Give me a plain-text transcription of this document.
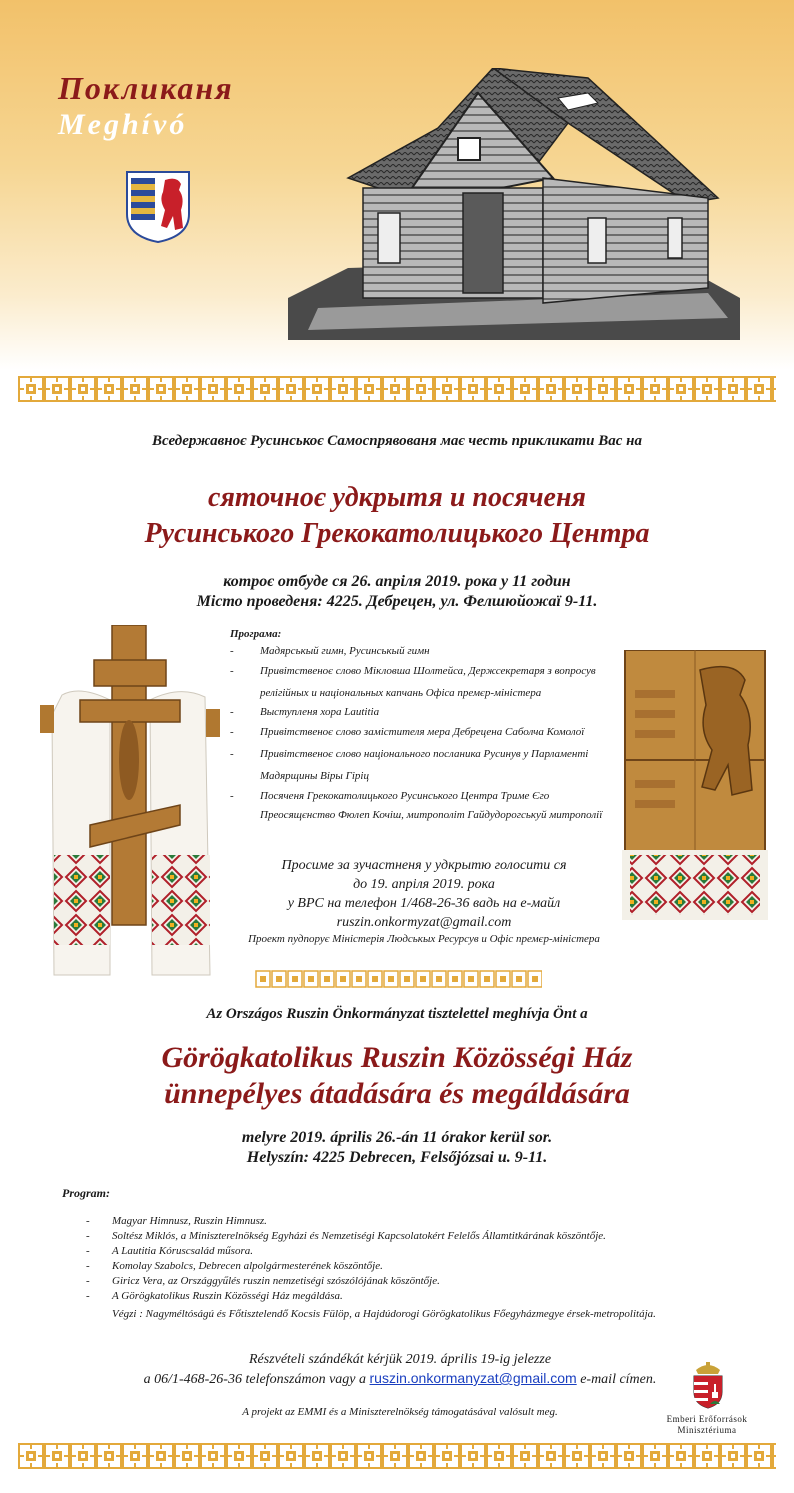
Покликаня
Meghívó
Вседержавноє Русинськоє Самоспрявованя має честь прикликати Вас на
сяточноє удкрытя и посяченя
Русинського Грекокатолицького Центра
котроє отбуде ся 26. апріля 2019. рока у 11 годин
Місто проведеня: 4225. Дебрецен, ул. Фелшюйожаї 9-11.
Програма:
- Мадярськый гимн, Русинськый гимн
- Привітственоє слово Мікловша Шолтейса, Держсекретаря з вопросув релігійных и національных капчань Офіса премєр-міністера
- Выступленя хора Lautitia
- Привітственоє слово замістителя мера Дебрецена Саболча Комолої
- Привітственоє слово національного посланика Русинув у Парламенті Мадярщины Віры Гіріц
- Посяченя Грекокатолицького Русинського Центра Триме Єго Преосящєнство Фюлеп Кочіш, митрополіт Гайдудорогськуй митрополії
Просиме за зучастненя у удкрытю голосити ся
до 19. апріля 2019. рока
у ВРС на телефон 1/468-26-36 вадь на е-майл
ruszin.onkormyzat@gmail.com
Проект пудпорує Міністерія Людськых Ресурсув и Офіс премєр-міністера
Az Országos Ruszin Önkormányzat tisztelettel meghívja Önt a
Görögkatolikus Ruszin Közösségi Ház
ünnepélyes átadására és megáldására
melyre 2019. április 26.-án 11 órakor kerül sor.
Helyszín: 4225 Debrecen, Felsőjózsai u. 9-11.
Program:
- Magyar Himnusz, Ruszin Himnusz.
- Soltész Miklós, a Miniszterelnökség Egyházi és Nemzetiségi Kapcsolatokért Felelős Államtitkárának köszöntője.
- A Lautitia Kóruscsalád műsora.
- Komolay Szabolcs, Debrecen alpolgármesterének köszöntője.
- Giricz Vera, az Országgyűlés ruszin nemzetiségi szószólójának köszöntője.
- A Görögkatolikus Ruszin Közösségi Ház megáldása.
Végzi : Nagyméltóságú és Főtisztelendő Kocsis Fülöp, a Hajdúdorogi Görögkatolikus Főegyházmegye érsek-metropolitája.
Részvételi szándékát kérjük 2019. április 19-ig jelezze
a 06/1-468-26-36 telefonszámon vagy a ruszin.onkormanyzat@gmail.com e-mail címen.
A projekt az EMMI és a Miniszterelnökség támogatásával valósult meg.
Emberi Erőforrások
Minisztériuma
